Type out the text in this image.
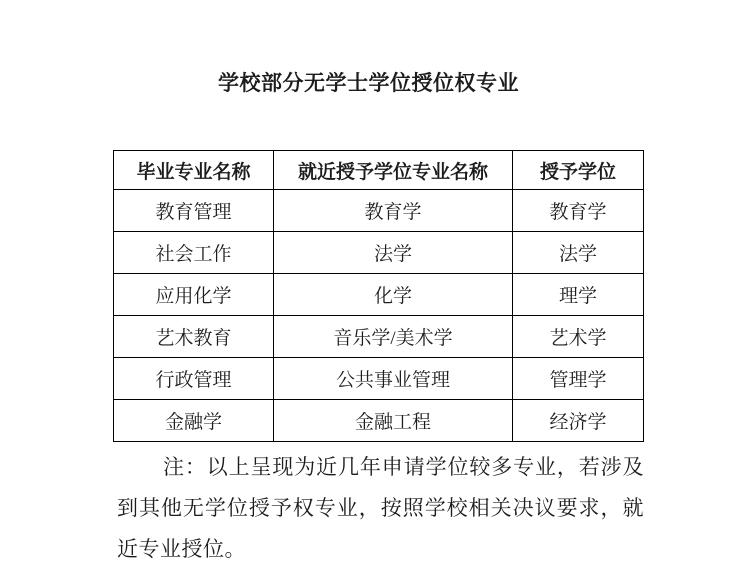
学校部分无学士学位授位权专业
毕业专业名称	就近授予学位专业名称	授予学位
教育管理	教育学	教育学
社会工作	法学	法学
应用化学	化学	理学
艺术教育	音乐学/美术学	艺术学
行政管理	公共事业管理	管理学
金融学	金融工程	经济学

注：以上呈现为近几年申请学位较多专业，若涉及到其他无学位授予权专业，按照学校相关决议要求，就近专业授位。
